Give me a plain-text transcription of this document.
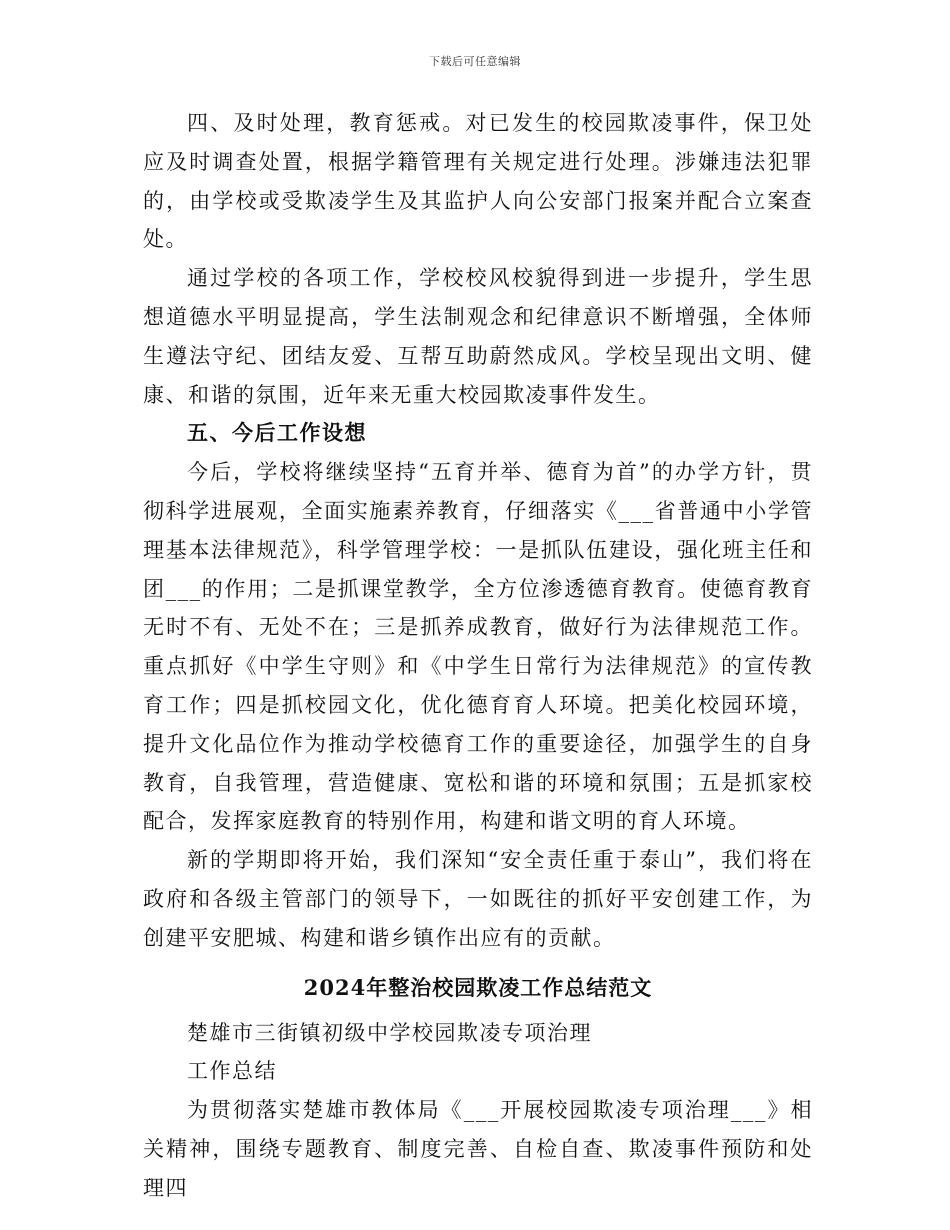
下载后可任意编辑

四、及时处理，教育惩戒。对已发生的校园欺凌事件，保卫处应及时调查处置，根据学籍管理有关规定进行处理。涉嫌违法犯罪的，由学校或受欺凌学生及其监护人向公安部门报案并配合立案查处。

通过学校的各项工作，学校校风校貌得到进一步提升，学生思想道德水平明显提高，学生法制观念和纪律意识不断增强，全体师生遵法守纪、团结友爱、互帮互助蔚然成风。学校呈现出文明、健康、和谐的氛围，近年来无重大校园欺凌事件发生。

五、今后工作设想

今后，学校将继续坚持“五育并举、德育为首”的办学方针，贯彻科学进展观，全面实施素养教育，仔细落实《___省普通中小学管理基本法律规范》，科学管理学校：一是抓队伍建设，强化班主任和团___的作用；二是抓课堂教学，全方位渗透德育教育。使德育教育无时不有、无处不在；三是抓养成教育，做好行为法律规范工作。重点抓好《中学生守则》和《中学生日常行为法律规范》的宣传教育工作；四是抓校园文化，优化德育育人环境。把美化校园环境，提升文化品位作为推动学校德育工作的重要途径，加强学生的自身教育，自我管理，营造健康、宽松和谐的环境和氛围；五是抓家校配合，发挥家庭教育的特别作用，构建和谐文明的育人环境。

新的学期即将开始，我们深知“安全责任重于泰山”，我们将在政府和各级主管部门的领导下，一如既往的抓好平安创建工作，为创建平安肥城、构建和谐乡镇作出应有的贡献。

2024年整治校园欺凌工作总结范文

楚雄市三街镇初级中学校园欺凌专项治理

工作总结

为贯彻落实楚雄市教体局《___开展校园欺凌专项治理___》相关精神，围绕专题教育、制度完善、自检自查、欺凌事件预防和处理四
